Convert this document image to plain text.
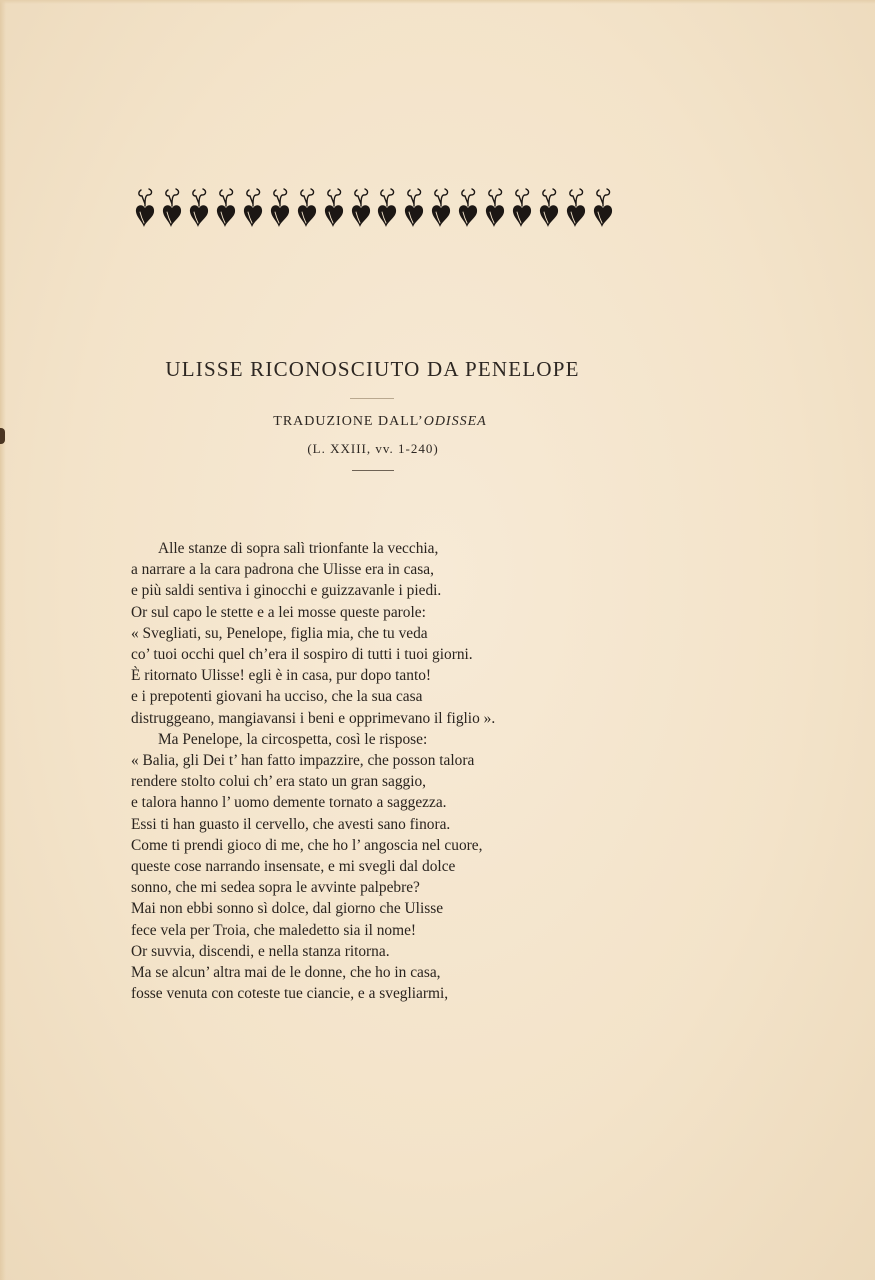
ULISSE RICONOSCIUTO DA PENELOPE
TRADUZIONE DALL’ODISSEA
(L. XXIII, vv. 1-240)
Alle stanze di sopra salì trionfante la vecchia,
a narrare a la cara padrona che Ulisse era in casa,
e più saldi sentiva i ginocchi e guizzavanle i piedi.
Or sul capo le stette e a lei mosse queste parole:
« Svegliati, su, Penelope, figlia mia, che tu veda
co’ tuoi occhi quel ch’era il sospiro di tutti i tuoi giorni.
È ritornato Ulisse! egli è in casa, pur dopo tanto!
e i prepotenti giovani ha ucciso, che la sua casa
distruggeano, mangiavansi i beni e opprimevano il figlio ».
Ma Penelope, la circospetta, così le rispose:
« Balia, gli Dei t’ han fatto impazzire, che posson talora
rendere stolto colui ch’ era stato un gran saggio,
e talora hanno l’ uomo demente tornato a saggezza.
Essi ti han guasto il cervello, che avesti sano finora.
Come ti prendi gioco di me, che ho l’ angoscia nel cuore,
queste cose narrando insensate, e mi svegli dal dolce
sonno, che mi sedea sopra le avvinte palpebre?
Mai non ebbi sonno sì dolce, dal giorno che Ulisse
fece vela per Troia, che maledetto sia il nome!
Or suvvia, discendi, e nella stanza ritorna.
Ma se alcun’ altra mai de le donne, che ho in casa,
fosse venuta con coteste tue ciancie, e a svegliarmi,
